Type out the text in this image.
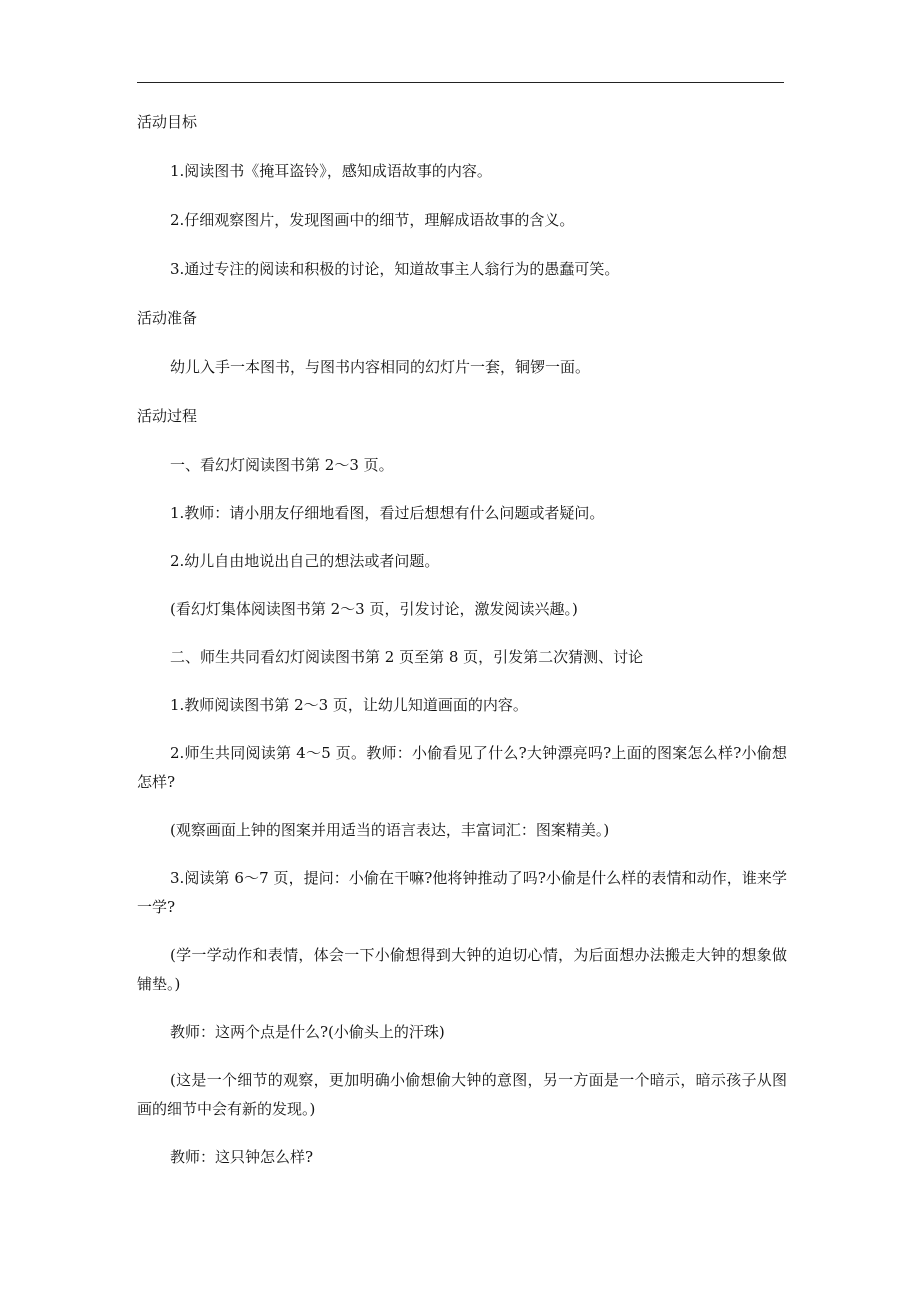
活动目标

1.阅读图书《掩耳盗铃》，感知成语故事的内容。

2.仔细观察图片，发现图画中的细节，理解成语故事的含义。

3.通过专注的阅读和积极的讨论，知道故事主人翁行为的愚蠢可笑。

活动准备

幼儿入手一本图书，与图书内容相同的幻灯片一套，铜锣一面。

活动过程

一、看幻灯阅读图书第 2～3 页。

1.教师：请小朋友仔细地看图，看过后想想有什么问题或者疑问。

2.幼儿自由地说出自己的想法或者问题。

(看幻灯集体阅读图书第 2～3 页，引发讨论，激发阅读兴趣。)

二、师生共同看幻灯阅读图书第 2 页至第 8 页，引发第二次猜测、讨论

1.教师阅读图书第 2～3 页，让幼儿知道画面的内容。

2.师生共同阅读第 4～5 页。教师：小偷看见了什么?大钟漂亮吗?上面的图案怎么样?小偷想怎样?

(观察画面上钟的图案并用适当的语言表达，丰富词汇：图案精美。)

3.阅读第 6～7 页，提问：小偷在干嘛?他将钟推动了吗?小偷是什么样的表情和动作，谁来学一学?

(学一学动作和表情，体会一下小偷想得到大钟的迫切心情，为后面想办法搬走大钟的想象做铺垫。)

教师：这两个点是什么?(小偷头上的汗珠)

(这是一个细节的观察，更加明确小偷想偷大钟的意图，另一方面是一个暗示，暗示孩子从图画的细节中会有新的发现。)

教师：这只钟怎么样?
